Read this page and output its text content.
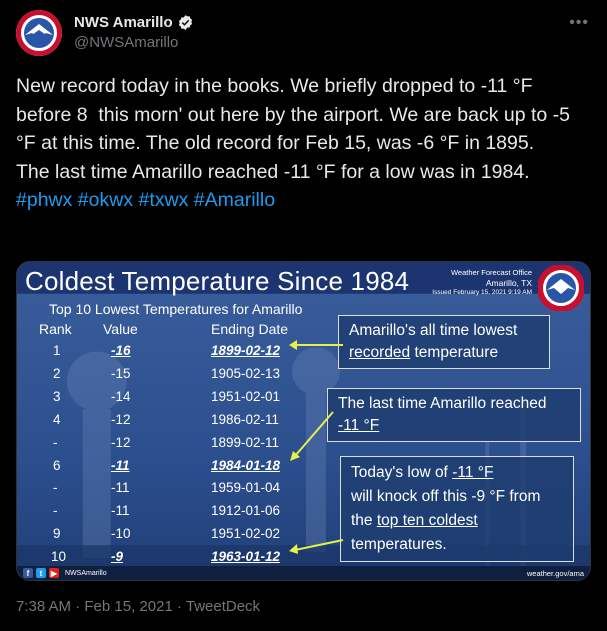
NWS Amarillo
@NWSAmarillo
•••
New record today in the books. We briefly dropped to -11 °F before 8  this morn' out here by the airport. We are back up to -5 °F at this time. The old record for Feb 15, was -6 °F in 1895.
The last time Amarillo reached -11 °F for a low was in 1984.  #phwx #okwx #txwx #Amarillo
Coldest Temperature Since 1984	Weather Forecast Office
Amarillo, TX
Issued February 15, 2021 9:19 AM
Top 10 Lowest Temperatures for Amarillo
Rank Value	Ending Date
1	-16	1899-02-12
2	-15	1905-02-13
3	-14	1951-02-01
4	-12	1986-02-11
-	-12	1899-02-11
6	-11	1984-01-18
-	-11	1959-01-04
-	-11	1912-01-06
9	-10	1951-02-02
10	-9	1963-01-12
Amarillo's all time lowest
recorded temperature
The last time Amarillo reached
-11 °F
Today's low of -11 °F
will knock off this -9 °F from
the top ten coldest
temperatures.
f	t	▶ NWSAmarillo	weather.gov/ama
7:38 AM · Feb 15, 2021 · TweetDeck
